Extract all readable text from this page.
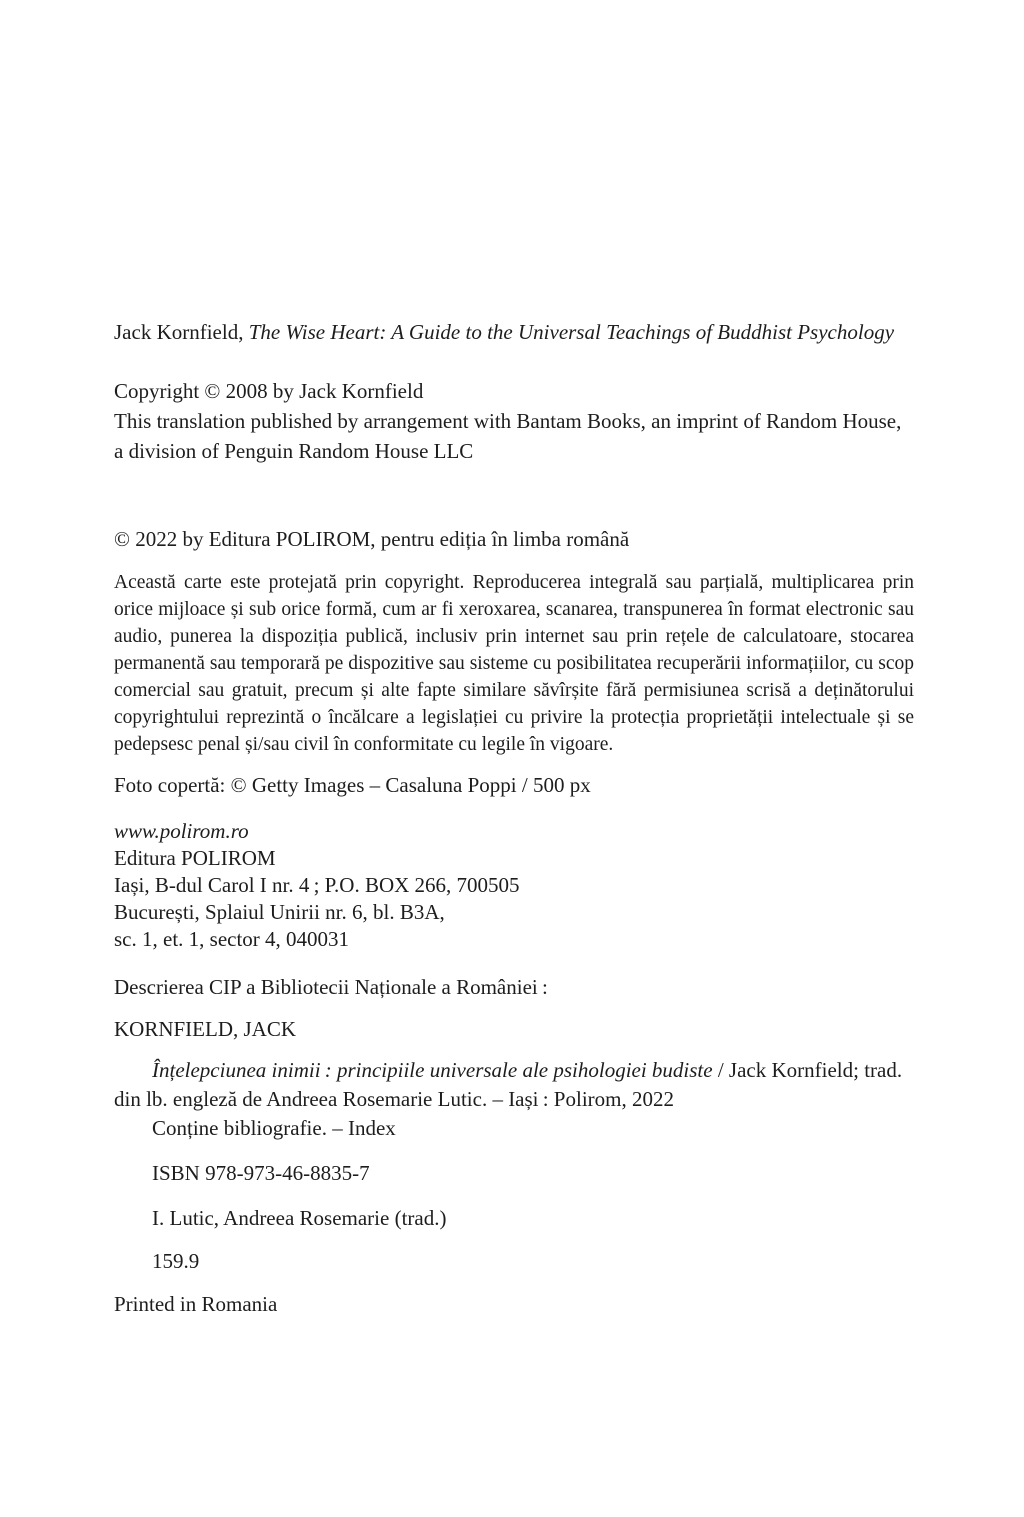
Jack Kornfield, The Wise Heart: A Guide to the Universal Teachings of Buddhist Psychology

Copyright © 2008 by Jack Kornfield
This translation published by arrangement with Bantam Books, an imprint of Random House, a division of Penguin Random House LLC

© 2022 by Editura POLIROM, pentru ediția în limba română

Această carte este protejată prin copyright. Reproducerea integrală sau parțială, multiplicarea prin orice mijloace și sub orice formă, cum ar fi xeroxarea, scanarea, transpunerea în format electronic sau audio, punerea la dispoziția publică, inclusiv prin internet sau prin rețele de calculatoare, stocarea permanentă sau temporară pe dispozitive sau sisteme cu posibilitatea recuperării informațiilor, cu scop comercial sau gratuit, precum și alte fapte similare săvîrșite fără permisiunea scrisă a deținătorului copyrightului reprezintă o încălcare a legislației cu privire la protecția proprietății intelectuale și se pedepsesc penal și/sau civil în conformitate cu legile în vigoare.

Foto copertă: © Getty Images – Casaluna Poppi / 500 px

www.polirom.ro
Editura POLIROM
Iași, B-dul Carol I nr. 4 ; P.O. BOX 266, 700505
București, Splaiul Unirii nr. 6, bl. B3A,
sc. 1, et. 1, sector 4, 040031

Descrierea CIP a Bibliotecii Naționale a României :

KORNFIELD, JACK

Înțelepciunea inimii : principiile universale ale psihologiei budiste / Jack Kornfield; trad. din lb. engleză de Andreea Rosemarie Lutic. – Iași : Polirom, 2022
Conține bibliografie. – Index

ISBN 978-973-46-8835-7

I. Lutic, Andreea Rosemarie (trad.)

159.9

Printed in Romania
